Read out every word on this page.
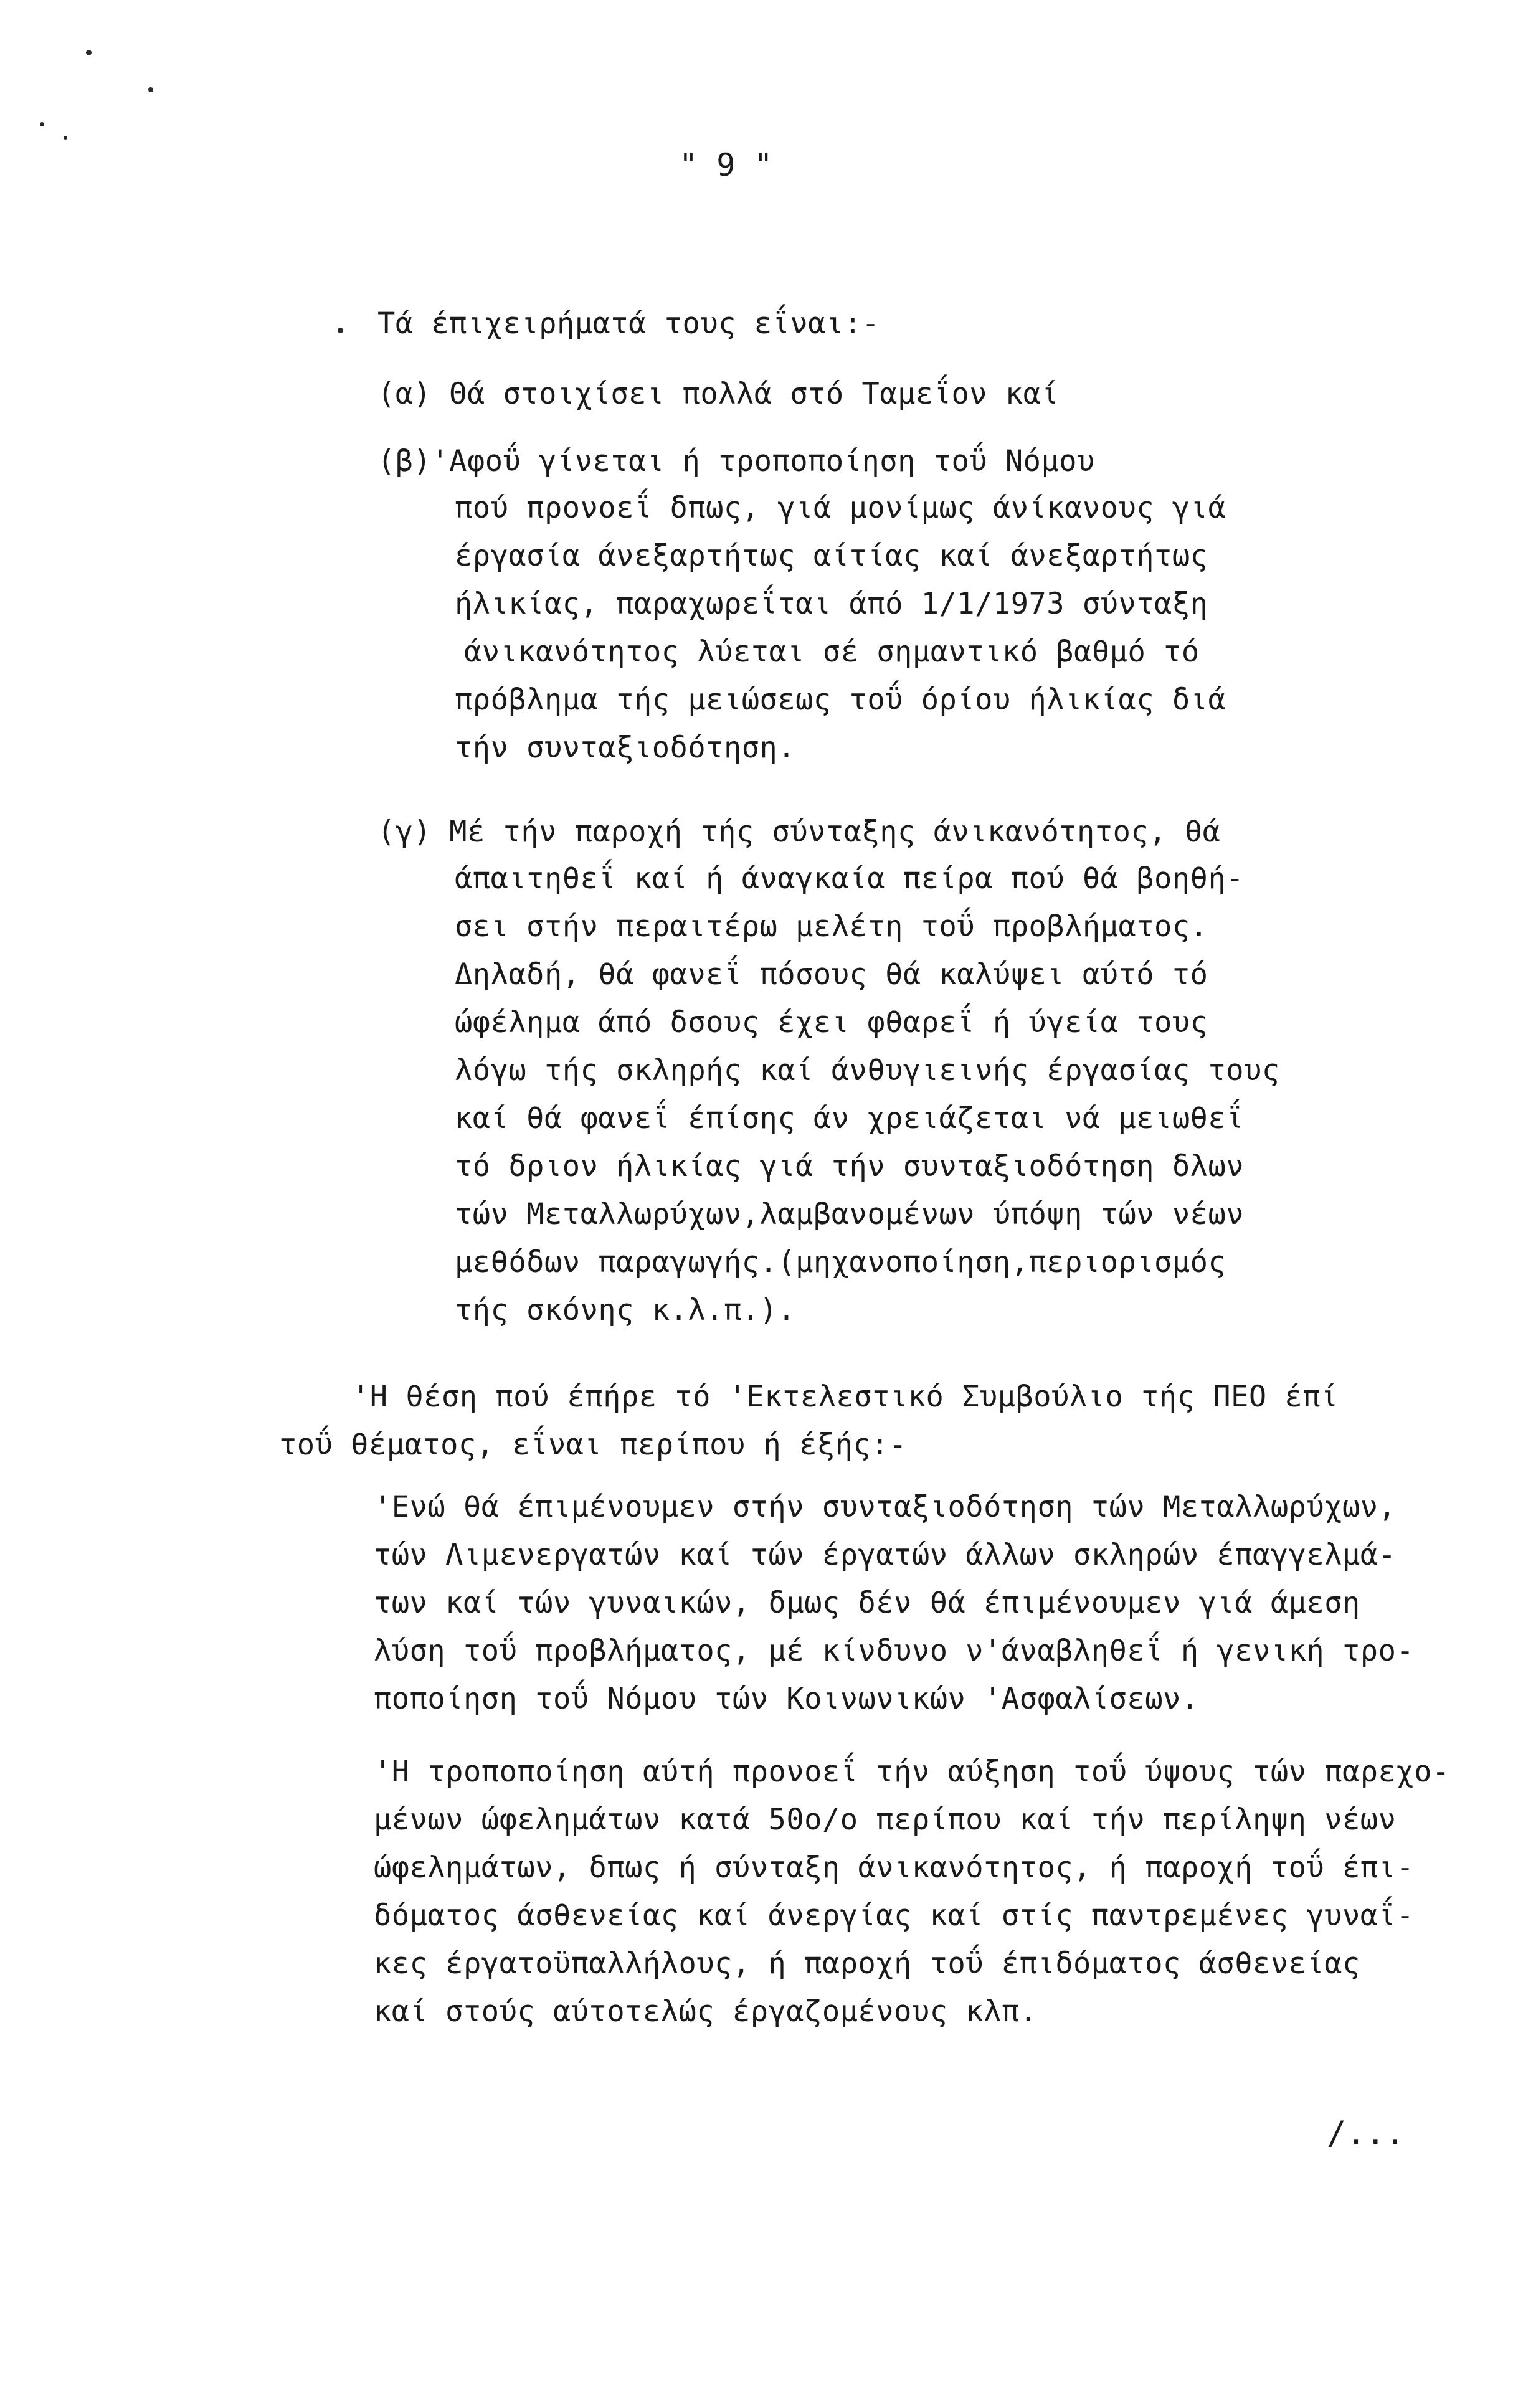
" 9 "
Τά έπιχειρήματά τους εΐναι:-
(α) Θά στοιχίσει πολλά στό Ταμεΐον καί
(β)'Αφοΰ γίνεται ή τροποποίηση τοΰ Νόμου
πού προνοεΐ δπως, γιά μονίμως άνίκανους γιά
έργασία άνεξαρτήτως αίτίας καί άνεξαρτήτως
ήλικίας, παραχωρεΐται άπό 1/1/1973 σύνταξη
άνικανότητος λύεται σέ σημαντικό βαθμό τό
πρόβλημα τής μειώσεως τοΰ όρίου ήλικίας διά
τήν συνταξιοδότηση.
(γ) Μέ τήν παροχή τής σύνταξης άνικανότητος, θά
άπαιτηθεΐ καί ή άναγκαία πείρα πού θά βοηθή-
σει στήν περαιτέρω μελέτη τοΰ προβλήματος.
Δηλαδή, θά φανεΐ πόσους θά καλύψει αύτό τό
ώφέλημα άπό δσους έχει φθαρεΐ ή ύγεία τους
λόγω τής σκληρής καί άνθυγιεινής έργασίας τους
καί θά φανεΐ έπίσης άν χρειάζεται νά μειωθεΐ
τό δριον ήλικίας γιά τήν συνταξιοδότηση δλων
τών Μεταλλωρύχων,λαμβανομένων ύπόψη τών νέων
μεθόδων παραγωγής.(μηχανοποίηση,περιορισμός
τής σκόνης κ.λ.π.).
'Η θέση πού έπήρε τό 'Εκτελεστικό Συμβούλιο τής ΠΕΟ έπί
τοΰ θέματος, εΐναι περίπου ή έξής:-
'Ενώ θά έπιμένουμεν στήν συνταξιοδότηση τών Μεταλλωρύχων,
τών Λιμενεργατών καί τών έργατών άλλων σκληρών έπαγγελμά-
των καί τών γυναικών, δμως δέν θά έπιμένουμεν γιά άμεση
λύση τοΰ προβλήματος, μέ κίνδυνο ν'άναβληθεΐ ή γενική τρο-
ποποίηση τοΰ Νόμου τών Κοινωνικών 'Ασφαλίσεων.
'Η τροποποίηση αύτή προνοεΐ τήν αύξηση τοΰ ύψους τών παρεχο-
μένων ώφελημάτων κατά 50ο/ο περίπου καί τήν περίληψη νέων
ώφελημάτων, δπως ή σύνταξη άνικανότητος, ή παροχή τοΰ έπι-
δόματος άσθενείας καί άνεργίας καί στίς παντρεμένες γυναΐ-
κες έργατοϋπαλλήλους, ή παροχή τοΰ έπιδόματος άσθενείας
καί στούς αύτοτελώς έργαζομένους κλπ.
/...
